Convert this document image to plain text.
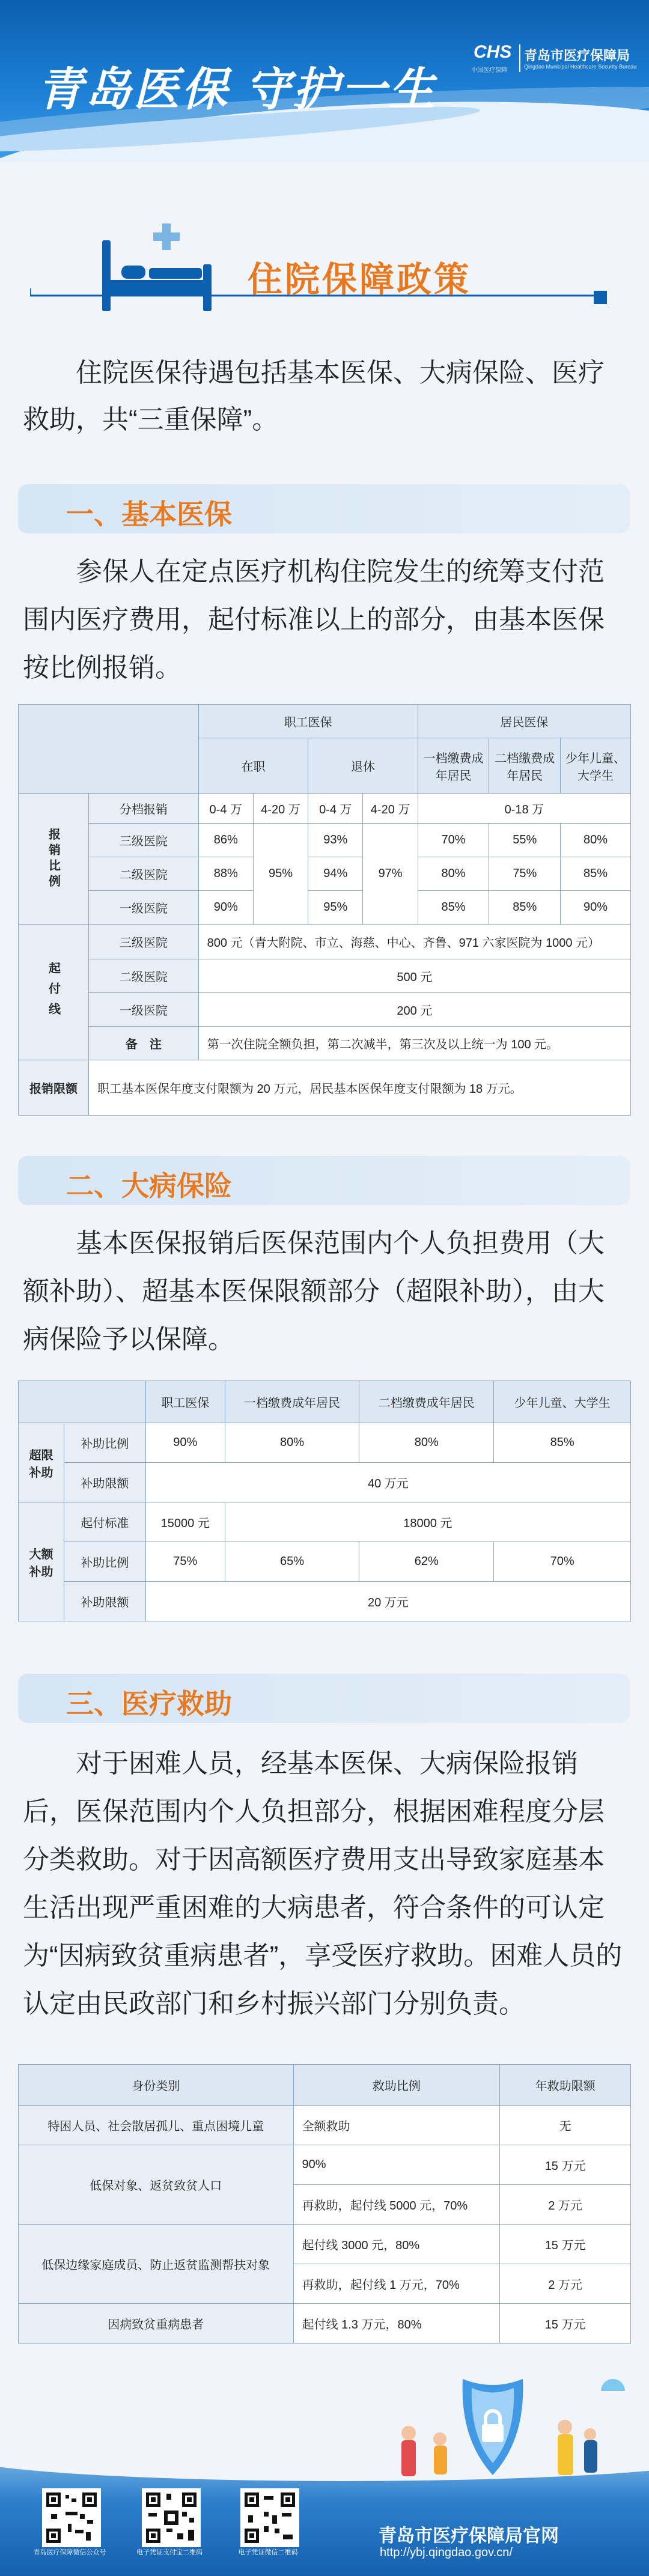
青岛医保 守护一生
CHS
中国医疗保障
青岛市医疗保障局
Qingdao Municipal Healthcare Security Bureau
住院保障政策
住院医保待遇包括基本医保、大病保险、医疗救助，共“三重保障”。
一、基本医保
参保人在定点医疗机构住院发生的统筹支付范围内医疗费用，起付标准以上的部分，由基本医保按比例报销。
		职工医保				居民医保		
		在职		退休		一档缴费成年居民	二档缴费成年居民	少年儿童、大学生
报销比例	分档报销	0-4 万	4-20 万	0-4 万	4-20 万	0-18 万		
	三级医院	86%	95%	93%	97%	70%	55%	80%
	二级医院	88%		94%		80%	75%	85%
	一级医院	90%		95%		85%	85%	90%
起付线	三级医院	800 元（青大附院、市立、海慈、中心、齐鲁、971 六家医院为 1000 元）						
	二级医院	500 元						
	一级医院	200 元						
	备　注	第一次住院全额负担，第二次减半，第三次及以上统一为 100 元。						
报销限额	职工基本医保年度支付限额为 20 万元，居民基本医保年度支付限额为 18 万元。							
二、大病保险
基本医保报销后医保范围内个人负担费用（大额补助）、超基本医保限额部分（超限补助），由大病保险予以保障。
		职工医保	一档缴费成年居民	二档缴费成年居民	少年儿童、大学生
超限补助	补助比例	90%	80%	80%	85%
	补助限额	40 万元			
大额补助	起付标准	15000 元	18000 元		
	补助比例	75%	65%	62%	70%
	补助限额	20 万元			
三、医疗救助
对于困难人员，经基本医保、大病保险报销后，医保范围内个人负担部分，根据困难程度分层分类救助。对于因高额医疗费用支出导致家庭基本生活出现严重困难的大病患者，符合条件的可认定为“因病致贫重病患者”，享受医疗救助。困难人员的认定由民政部门和乡村振兴部门分别负责。
身份类别	救助比例	年救助限额
特困人员、社会散居孤儿、重点困境儿童	全额救助	无
低保对象、返贫致贫人口	90%	15 万元
	再救助，起付线 5000 元，70%	2 万元
低保边缘家庭成员、防止返贫监测帮扶对象	起付线 3000 元，80%	15 万元
	再救助，起付线 1 万元，70%	2 万元
因病致贫重病患者	起付线 1.3 万元，80%	15 万元
青岛医疗保障微信公众号	电子凭证支付宝二维码	电子凭证微信二维码
青岛市医疗保障局官网
http://ybj.qingdao.gov.cn/
